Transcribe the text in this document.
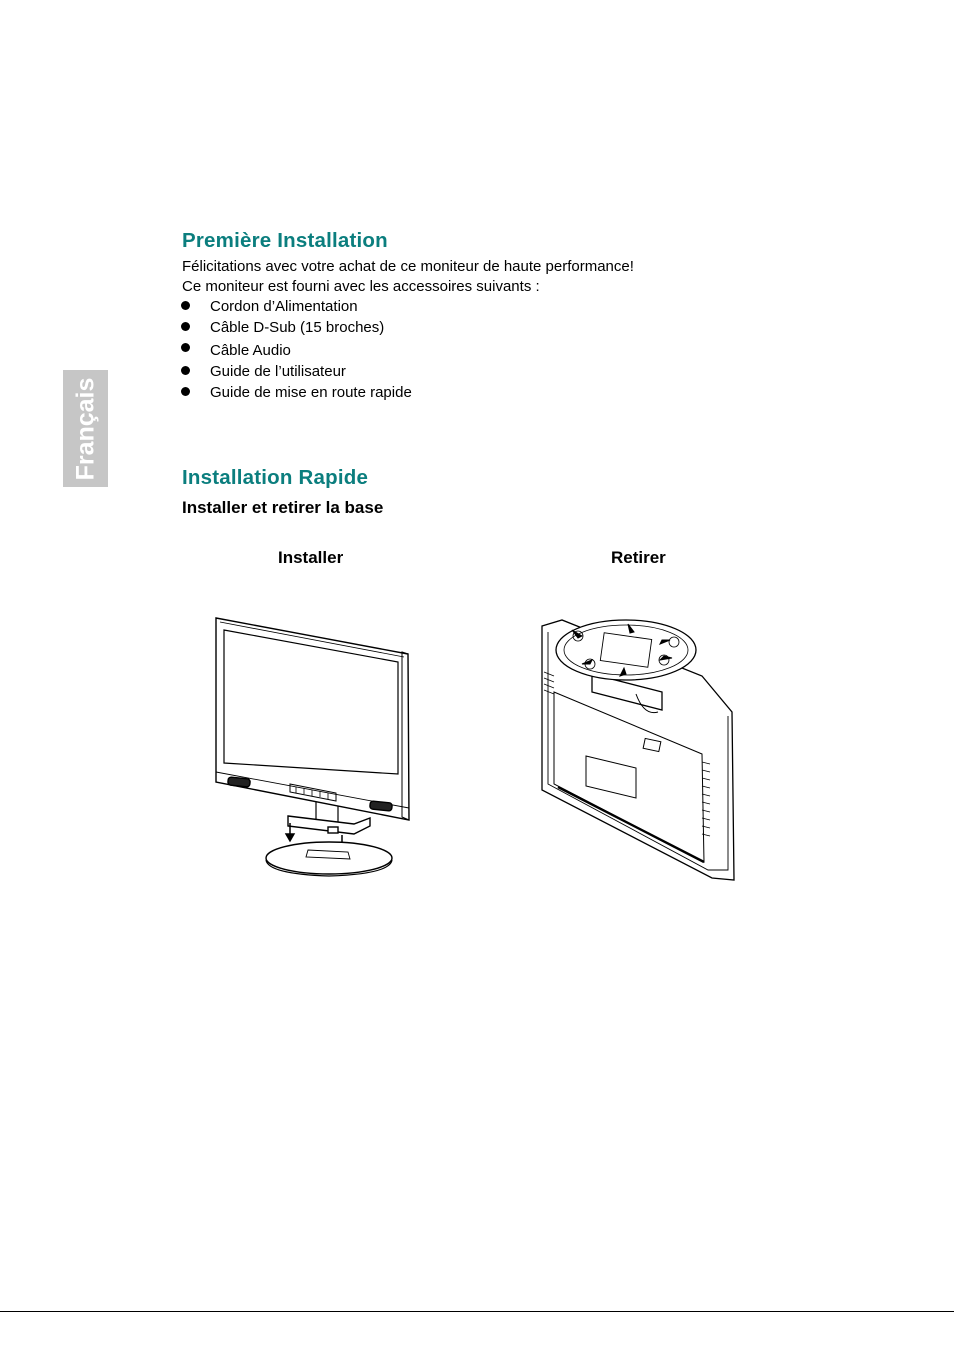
Français
Première Installation
Félicitations avec votre achat de ce moniteur de haute performance!
Ce moniteur est fourni avec les accessoires suivants :
Cordon d’Alimentation
Câble D-Sub (15 broches)
Câble Audio
Guide de l’utilisateur
Guide de mise en route rapide
Installation Rapide
Installer et retirer la base
Installer	Retirer
